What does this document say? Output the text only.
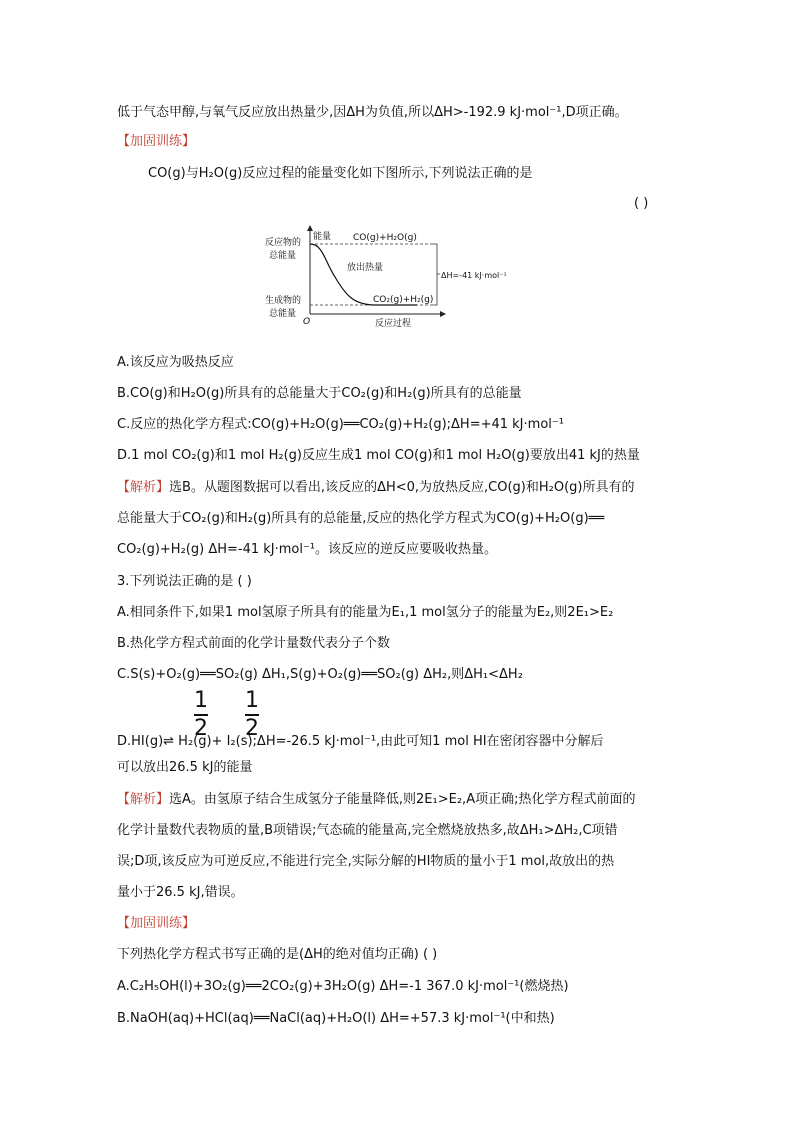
低于气态甲醇,与氧气反应放出热量少,因ΔH为负值,所以ΔH>-192.9 kJ·mol⁻¹,D项正确。
【加固训练】
CO(g)与H₂O(g)反应过程的能量变化如下图所示,下列说法正确的是
( )
能量
反应物的
总能量
生成物的
总能量
O	反应过程
CO(g)+H₂O(g)
CO₂(g)+H₂(g)
放出热量
ΔH=-41 kJ·mol⁻¹
A.该反应为吸热反应
B.CO(g)和H₂O(g)所具有的总能量大于CO₂(g)和H₂(g)所具有的总能量
C.反应的热化学方程式:CO(g)+H₂O(g)══CO₂(g)+H₂(g);ΔH=+41 kJ·mol⁻¹
D.1 mol CO₂(g)和1 mol H₂(g)反应生成1 mol CO(g)和1 mol H₂O(g)要放出41 kJ的热量
【解析】选B。从题图数据可以看出,该反应的ΔH<0,为放热反应,CO(g)和H₂O(g)所具有的
总能量大于CO₂(g)和H₂(g)所具有的总能量,反应的热化学方程式为CO(g)+H₂O(g)══
CO₂(g)+H₂(g) ΔH=-41 kJ·mol⁻¹。该反应的逆反应要吸收热量。
3.下列说法正确的是 ( )
A.相同条件下,如果1 mol氢原子所具有的能量为E₁,1 mol氢分子的能量为E₂,则2E₁>E₂
B.热化学方程式前面的化学计量数代表分子个数
C.S(s)+O₂(g)══SO₂(g) ΔH₁,S(g)+O₂(g)══SO₂(g) ΔH₂,则ΔH₁<ΔH₂
1
2
1
2
D.HI(g)⇌ H₂(g)+ I₂(s);ΔH=-26.5 kJ·mol⁻¹,由此可知1 mol HI在密闭容器中分解后
可以放出26.5 kJ的能量
【解析】选A。由氢原子结合生成氢分子能量降低,则2E₁>E₂,A项正确;热化学方程式前面的
化学计量数代表物质的量,B项错误;气态硫的能量高,完全燃烧放热多,故ΔH₁>ΔH₂,C项错
误;D项,该反应为可逆反应,不能进行完全,实际分解的HI物质的量小于1 mol,故放出的热
量小于26.5 kJ,错误。
【加固训练】
下列热化学方程式书写正确的是(ΔH的绝对值均正确) ( )
A.C₂H₅OH(l)+3O₂(g)══2CO₂(g)+3H₂O(g) ΔH=-1 367.0 kJ·mol⁻¹(燃烧热)
B.NaOH(aq)+HCl(aq)══NaCl(aq)+H₂O(l) ΔH=+57.3 kJ·mol⁻¹(中和热)
